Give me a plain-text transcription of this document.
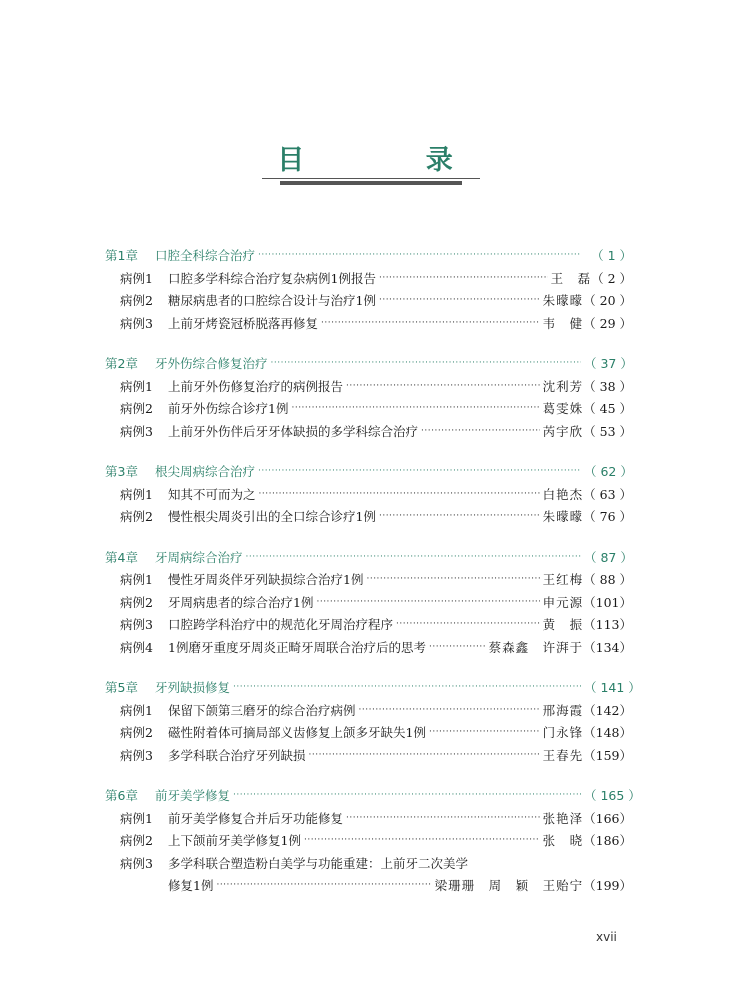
目 录
第1章	口腔全科综合治疗 ·····	（ 1 ）
病例1	口腔多学科综合治疗复杂病例1例报告 ·····	王　磊 （ 2 ）
病例2	糖尿病患者的口腔综合设计与治疗1例 ·····	朱曚曚 （ 20 ）
病例3	上前牙烤瓷冠桥脱落再修复 ·····	韦　健 （ 29 ）
第2章	牙外伤综合修复治疗 ·····	（ 37 ）
病例1	上前牙外伤修复治疗的病例报告 ·····	沈利芳 （ 38 ）
病例2	前牙外伤综合诊疗1例 ·····	葛雯姝 （ 45 ）
病例3	上前牙外伤伴后牙牙体缺损的多学科综合治疗 ·····	芮宇欣 （ 53 ）
第3章	根尖周病综合治疗 ·····	（ 62 ）
病例1	知其不可而为之 ·····	白艳杰 （ 63 ）
病例2	慢性根尖周炎引出的全口综合诊疗1例 ·····	朱曚曚 （ 76 ）
第4章	牙周病综合治疗 ·····	（ 87 ）
病例1	慢性牙周炎伴牙列缺损综合治疗1例 ·····	王红梅 （ 88 ）
病例2	牙周病患者的综合治疗1例 ·····	申元源 （101）
病例3	口腔跨学科治疗中的规范化牙周治疗程序 ·····	黄　振 （113）
病例4	1例磨牙重度牙周炎正畸牙周联合治疗后的思考 ·····	蔡森鑫　许湃于 （134）
第5章	牙列缺损修复 ·····	（ 141 ）
病例1	保留下颌第三磨牙的综合治疗病例 ·····	邢海霞 （142）
病例2	磁性附着体可摘局部义齿修复上颌多牙缺失1例 ·····	门永锋 （148）
病例3	多学科联合治疗牙列缺损 ·····	王春先 （159）
第6章	前牙美学修复 ·····	（ 165 ）
病例1	前牙美学修复合并后牙功能修复 ·····	张艳泽 （166）
病例2	上下颌前牙美学修复1例 ·····	张　晓 （186）
病例3	多学科联合塑造粉白美学与功能重建：上前牙二次美学
修复1例 ·····	梁珊珊　周　颖　王贻宁 （199）
xvii
